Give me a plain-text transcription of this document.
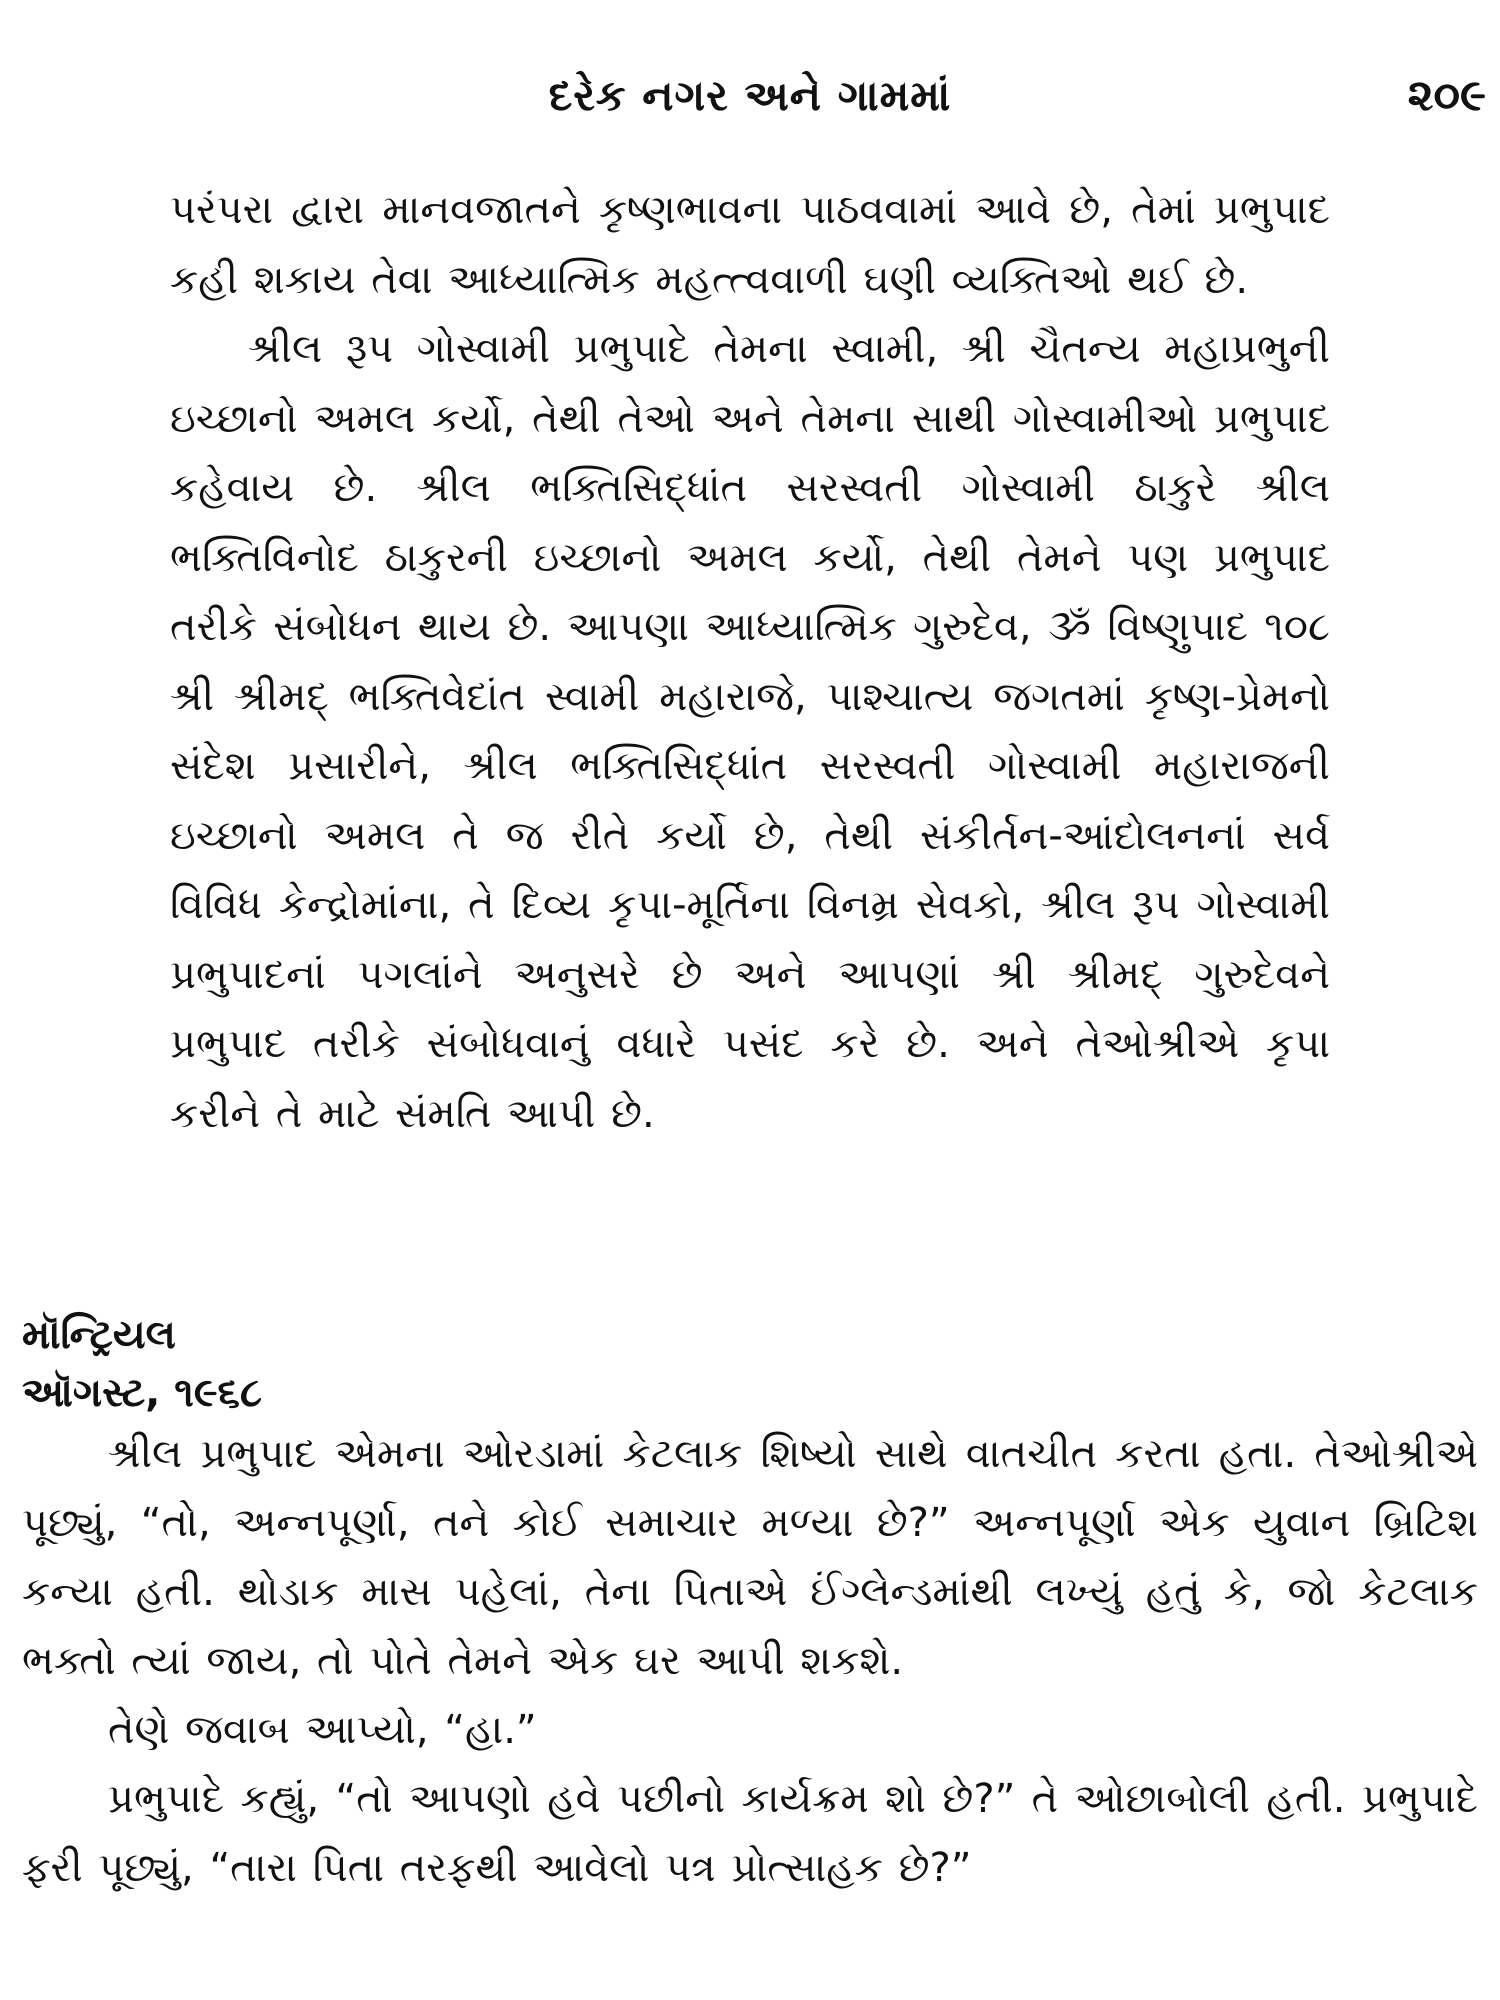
દરેક નગર અને ગામમાં	૨૦૯

પરંપરા દ્વારા માનવજાતને કૃષ્ણભાવના પાઠવવામાં આવે છે, તેમાં પ્રભુપાદ કહી શકાય તેવા આધ્યાત્મિક મહત્ત્વવાળી ઘણી વ્યક્તિઓ થઈ છે.

શ્રીલ રૂપ ગોસ્વામી પ્રભુપાદે તેમના સ્વામી, શ્રી ચૈતન્ય મહાપ્રભુની ઇચ્છાનો અમલ કર્યો, તેથી તેઓ અને તેમના સાથી ગોસ્વામીઓ પ્રભુપાદ કહેવાય છે. શ્રીલ ભક્તિસિદ્ધાંત સરસ્વતી ગોસ્વામી ઠાકુરે શ્રીલ ભક્તિવિનોદ ઠાકુરની ઇચ્છાનો અમલ કર્યો, તેથી તેમને પણ પ્રભુપાદ તરીકે સંબોધન થાય છે. આપણા આધ્યાત્મિક ગુરુદેવ, ૐ વિષ્ણુપાદ ૧૦૮ શ્રી શ્રીમદ્ ભક્તિવેદાંત સ્વામી મહારાજે, પાશ્ચાત્ય જગતમાં કૃષ્ણ-પ્રેમનો સંદેશ પ્રસારીને, શ્રીલ ભક્તિસિદ્ધાંત સરસ્વતી ગોસ્વામી મહારાજની ઇચ્છાનો અમલ તે જ રીતે કર્યો છે, તેથી સંકીર્તન-આંદોલનનાં સર્વ વિવિધ કેન્દ્રોમાંના, તે દિવ્ય કૃપા-મૂર્તિના વિનમ્ર સેવકો, શ્રીલ રૂપ ગોસ્વામી પ્રભુપાદનાં પગલાંને અનુસરે છે અને આપણાં શ્રી શ્રીમદ્ ગુરુદેવને પ્રભુપાદ તરીકે સંબોધવાનું વધારે પસંદ કરે છે. અને તેઓશ્રીએ કૃપા કરીને તે માટે સંમતિ આપી છે.

મૉન્ટ્રિયલ
ઑગસ્ટ, ૧૯૬૮

શ્રીલ પ્રભુપાદ એમના ઓરડામાં કેટલાક શિષ્યો સાથે વાતચીત કરતા હતા. તેઓશ્રીએ પૂછ્યું, “તો, અન્નપૂર્ણા, તને કોઈ સમાચાર મળ્યા છે?” અન્નપૂર્ણા એક યુવાન બ્રિટિશ કન્યા હતી. થોડાક માસ પહેલાં, તેના પિતાએ ઈંગ્લેન્ડમાંથી લખ્યું હતું કે, જો કેટલાક ભક્તો ત્યાં જાય, તો પોતે તેમને એક ઘર આપી શકશે.

તેણે જવાબ આપ્યો, “હા.”

પ્રભુપાદે કહ્યું, “તો આપણો હવે પછીનો કાર્યક્રમ શો છે?” તે ઓછાબોલી હતી. પ્રભુપાદે ફરી પૂછ્યું, “તારા પિતા તરફથી આવેલો પત્ર પ્રોત્સાહક છે?”
